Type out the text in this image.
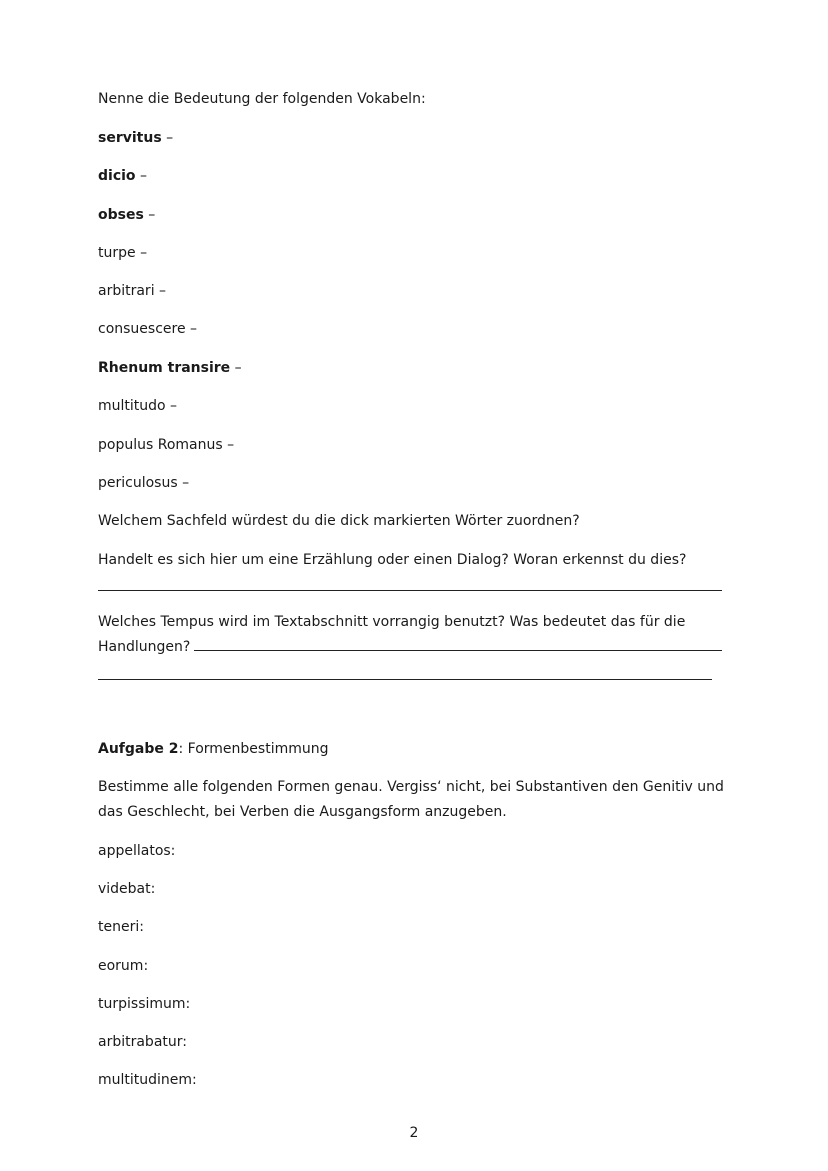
Nenne die Bedeutung der folgenden Vokabeln:
servitus –
dicio –
obses –
turpe –
arbitrari –
consuescere –
Rhenum transire –
multitudo –
populus Romanus –
periculosus –
Welchem Sachfeld würdest du die dick markierten Wörter zuordnen?
Handelt es sich hier um eine Erzählung oder einen Dialog? Woran erkennst du dies?
Welches Tempus wird im Textabschnitt vorrangig benutzt? Was bedeutet das für die
Handlungen?
Aufgabe 2: Formenbestimmung
Bestimme alle folgenden Formen genau. Vergiss‘ nicht, bei Substantiven den Genitiv und
das Geschlecht, bei Verben die Ausgangsform anzugeben.
appellatos:
videbat:
teneri:
eorum:
turpissimum:
arbitrabatur:
multitudinem:
2
